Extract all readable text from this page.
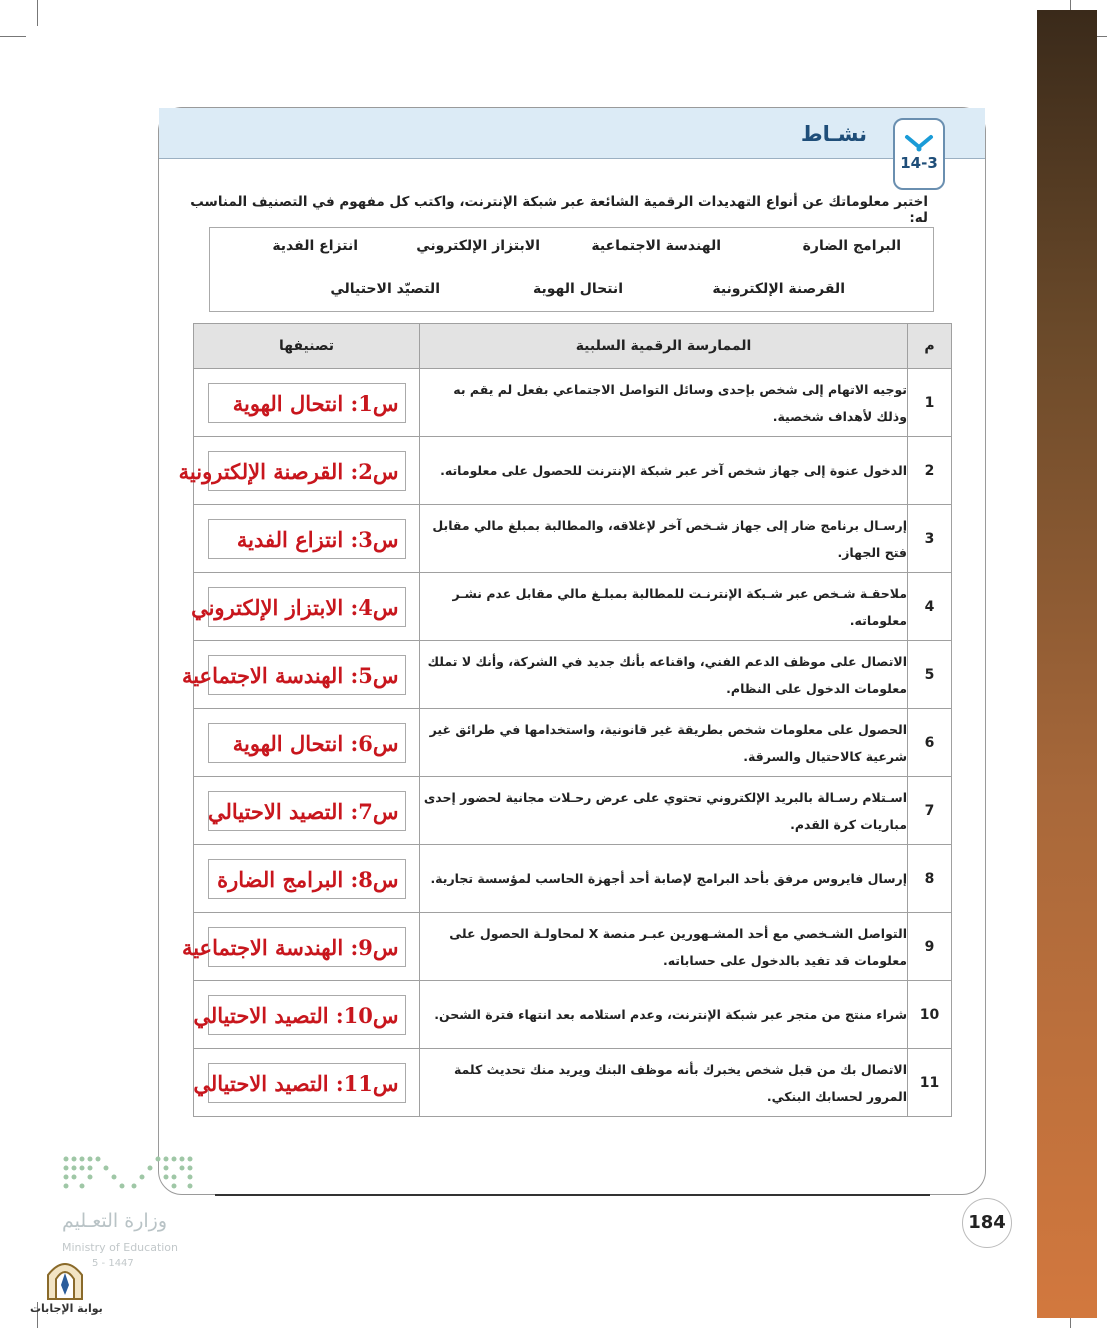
نشـاط
14-3
اختبر معلوماتك عن أنواع التهديدات الرقمية الشائعة عبر شبكة الإنترنت، واكتب كل مفهوم في التصنيف المناسب له:
البرامج الضارة
الهندسة الاجتماعية
الابتزاز الإلكتروني
انتزاع الفدية
القرصنة الإلكترونية
انتحال الهوية
التصيّد الاحتيالي
تصنيفها	الممارسة الرقمية السلبية	م
س1: انتحال الهوية	توجيه الاتهام إلى شخص بإحدى وسائل التواصل الاجتماعي بفعل لم يقم به وذلك لأهداف شخصية.	1
س2: القرصنة الإلكترونية	الدخول عنوة إلى جهاز شخص آخر عبر شبكة الإنترنت للحصول على معلوماته.	2
س3: انتزاع الفدية	إرسـال برنامج ضار إلى جهاز شـخص آخر لإغلاقه، والمطالبة بمبلغ مالي مقابل فتح الجهاز.	3
س4: الابتزاز الإلكتروني	ملاحقـة شـخص عبر شـبكة الإنترنـت للمطالبة بمبلـغ مالي مقابل عدم نشـر معلوماته.	4
س5: الهندسة الاجتماعية	الاتصال على موظف الدعم الفني، واقناعه بأنك جديد في الشركة، وأنك لا تملك معلومات الدخول على النظام.	5
س6: انتحال الهوية	الحصول على معلومات شخص بطريقة غير قانونية، واستخدامها في طرائق غير شرعية كالاحتيال والسرقة.	6
س7: التصيد الاحتيالي	اسـتلام رسـالة بالبريد الإلكتروني تحتوي على عرض رحـلات مجانية لحضور إحدى مباريات كرة القدم.	7
س8: البرامج الضارة	إرسال فايروس مرفق بأحد البرامج لإصابة أحد أجهزة الحاسب لمؤسسة تجارية.	8
س9: الهندسة الاجتماعية	التواصل الشـخصي مع أحد المشـهورين عبـر منصة X لمحاولـة الحصول على معلومات قد تفيد بالدخول على حساباته.	9
س10: التصيد الاحتيالي	شراء منتج من متجر عبر شبكة الإنترنت، وعدم استلامه بعد انتهاء فترة الشحن.	10
س11: التصيد الاحتيالي	الاتصال بك من قبل شخص يخبرك بأنه موظف البنك ويريد منك تحديث كلمة المرور لحسابك البنكي.	11
184
وزارة التعـليم
Ministry of Education
5 - 1447
بوابة الإجابات
